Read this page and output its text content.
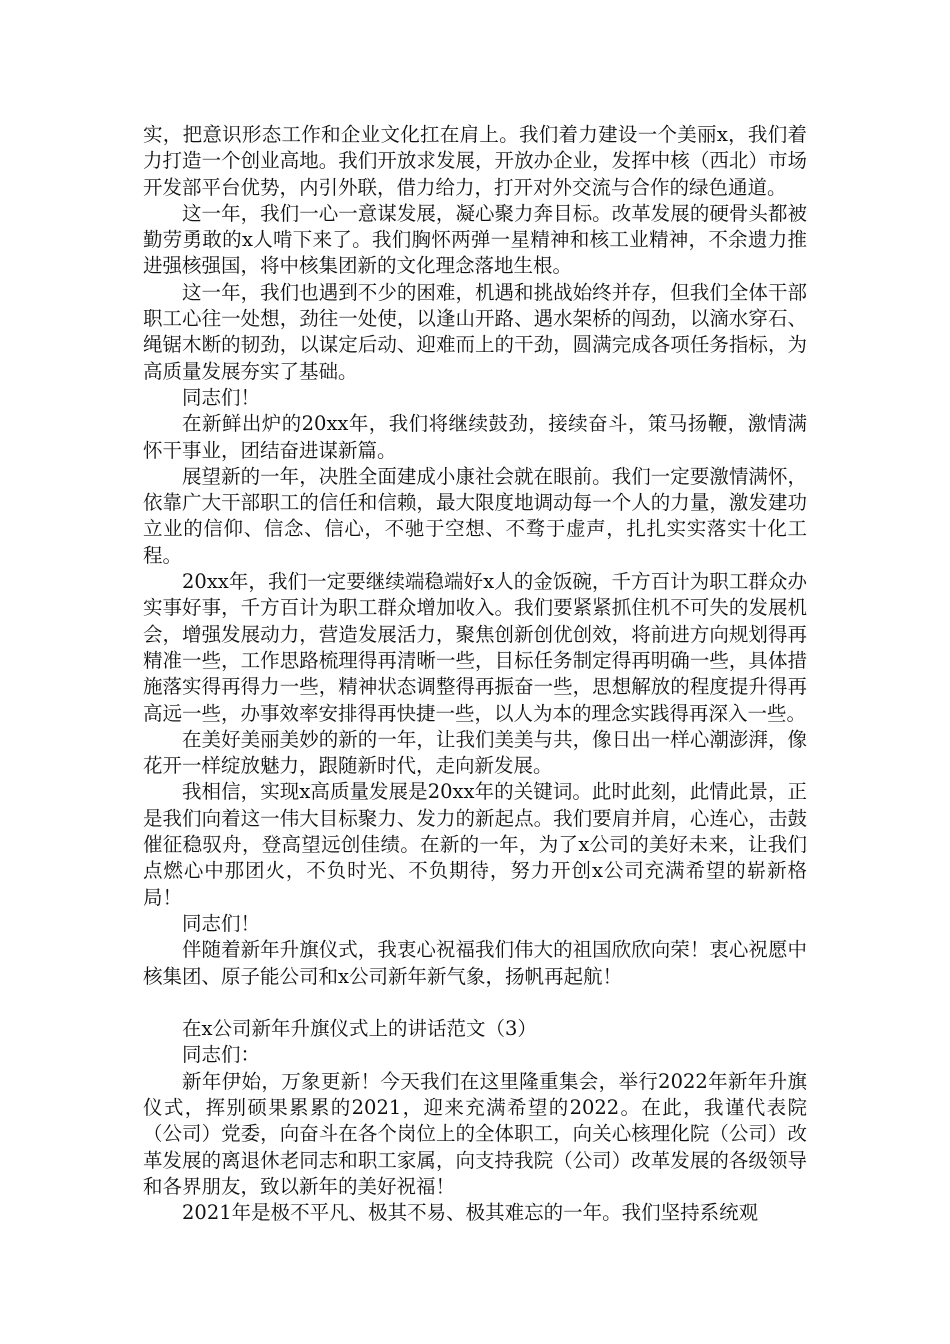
实，把意识形态工作和企业文化扛在肩上。我们着力建设一个美丽x，我们着力打造一个创业高地。我们开放求发展，开放办企业，发挥中核（西北）市场开发部平台优势，内引外联，借力给力，打开对外交流与合作的绿色通道。

这一年，我们一心一意谋发展，凝心聚力奔目标。改革发展的硬骨头都被勤劳勇敢的x人啃下来了。我们胸怀两弹一星精神和核工业精神，不余遗力推进强核强国，将中核集团新的文化理念落地生根。

这一年，我们也遇到不少的困难，机遇和挑战始终并存，但我们全体干部职工心往一处想，劲往一处使，以逢山开路、遇水架桥的闯劲，以滴水穿石、绳锯木断的韧劲，以谋定后动、迎难而上的干劲，圆满完成各项任务指标，为高质量发展夯实了基础。

同志们！

在新鲜出炉的20xx年，我们将继续鼓劲，接续奋斗，策马扬鞭，激情满怀干事业，团结奋进谋新篇。

展望新的一年，决胜全面建成小康社会就在眼前。我们一定要激情满怀，依靠广大干部职工的信任和信赖，最大限度地调动每一个人的力量，激发建功立业的信仰、信念、信心，不驰于空想、不骛于虚声，扎扎实实落实十化工程。

20xx年，我们一定要继续端稳端好x人的金饭碗，千方百计为职工群众办实事好事，千方百计为职工群众增加收入。我们要紧紧抓住机不可失的发展机会，增强发展动力，营造发展活力，聚焦创新创优创效，将前进方向规划得再精准一些，工作思路梳理得再清晰一些，目标任务制定得再明确一些，具体措施落实得再得力一些，精神状态调整得再振奋一些，思想解放的程度提升得再高远一些，办事效率安排得再快捷一些，以人为本的理念实践得再深入一些。

在美好美丽美妙的新的一年，让我们美美与共，像日出一样心潮澎湃，像花开一样绽放魅力，跟随新时代，走向新发展。

我相信，实现x高质量发展是20xx年的关键词。此时此刻，此情此景，正是我们向着这一伟大目标聚力、发力的新起点。我们要肩并肩，心连心，击鼓催征稳驭舟，登高望远创佳绩。在新的一年，为了x公司的美好未来，让我们点燃心中那团火，不负时光、不负期待，努力开创x公司充满希望的崭新格局！

同志们！

伴随着新年升旗仪式，我衷心祝福我们伟大的祖国欣欣向荣！衷心祝愿中核集团、原子能公司和x公司新年新气象，扬帆再起航！

在x公司新年升旗仪式上的讲话范文（3）

同志们：

新年伊始，万象更新！今天我们在这里隆重集会，举行2022年新年升旗仪式，挥别硕果累累的2021，迎来充满希望的2022。在此，我谨代表院（公司）党委，向奋斗在各个岗位上的全体职工，向关心核理化院（公司）改革发展的离退休老同志和职工家属，向支持我院（公司）改革发展的各级领导和各界朋友，致以新年的美好祝福！

2021年是极不平凡、极其不易、极其难忘的一年。我们坚持系统观
